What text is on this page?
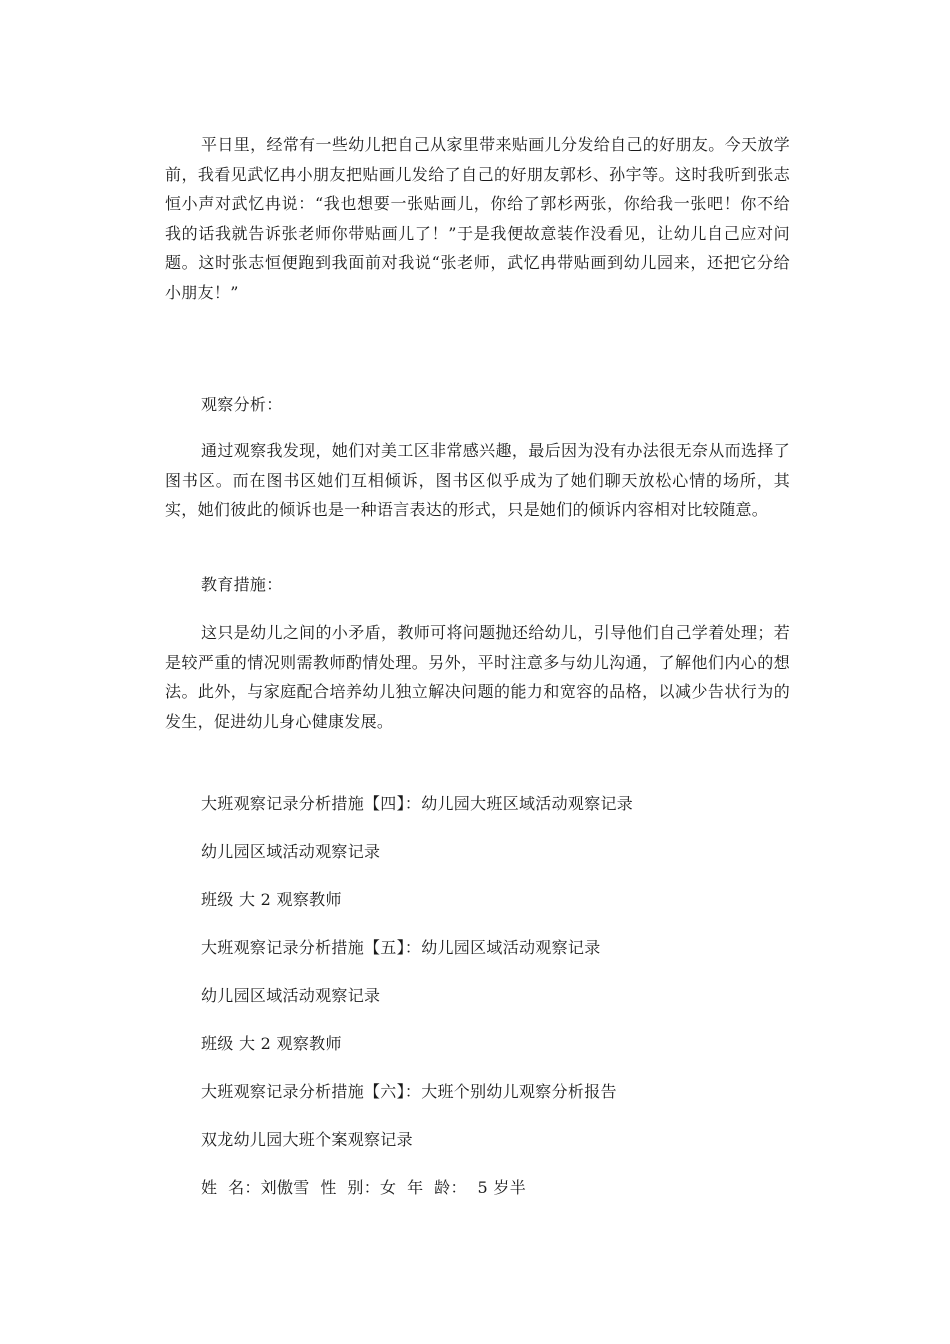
平日里，经常有一些幼儿把自己从家里带来贴画儿分发给自己的好朋友。今天放学前，我看见武忆冉小朋友把贴画儿发给了自己的好朋友郭杉、孙宇等。这时我听到张志恒小声对武忆冉说：“我也想要一张贴画儿，你给了郭杉两张，你给我一张吧！你不给我的话我就告诉张老师你带贴画儿了！”于是我便故意装作没看见，让幼儿自己应对问题。这时张志恒便跑到我面前对我说“张老师，武忆冉带贴画到幼儿园来，还把它分给小朋友！”

观察分析：

通过观察我发现，她们对美工区非常感兴趣，最后因为没有办法很无奈从而选择了图书区。而在图书区她们互相倾诉，图书区似乎成为了她们聊天放松心情的场所，其实，她们彼此的倾诉也是一种语言表达的形式，只是她们的倾诉内容相对比较随意。

教育措施：

这只是幼儿之间的小矛盾，教师可将问题抛还给幼儿，引导他们自己学着处理；若是较严重的情况则需教师酌情处理。另外，平时注意多与幼儿沟通，了解他们内心的想法。此外，与家庭配合培养幼儿独立解决问题的能力和宽容的品格，以减少告状行为的发生，促进幼儿身心健康发展。

大班观察记录分析措施【四】：幼儿园大班区域活动观察记录

幼儿园区域活动观察记录

班级 大 2 观察教师

大班观察记录分析措施【五】：幼儿园区域活动观察记录

幼儿园区域活动观察记录

班级 大 2 观察教师

大班观察记录分析措施【六】：大班个别幼儿观察分析报告

双龙幼儿园大班个案观察记录

姓  名：刘傲雪  性  别：女  年  龄：  5 岁半
